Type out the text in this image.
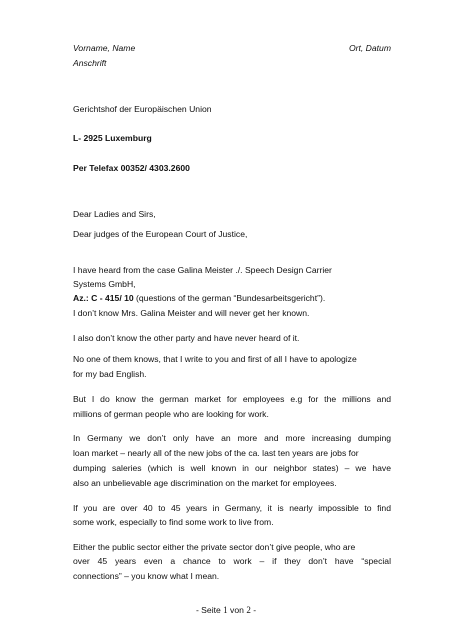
Vorname, Name	Ort, Datum
Anschrift
Gerichtshof der Europäischen Union
L- 2925 Luxemburg
Per Telefax 00352/ 4303.2600
Dear Ladies and Sirs,
Dear judges of the European Court of Justice,
I have heard from the case Galina Meister ./. Speech Design Carrier
Systems GmbH,
Az.: C - 415/ 10 (questions of the german “Bundesarbeitsgericht”).
I don’t know Mrs. Galina Meister and will never get her known.
I also don’t know the other party and have never heard of it.
No one of them knows, that I write to you and first of all I have to apologize
for my bad English.
But I do know the german market for employees e.g for the millions and
millions of german people who are looking for work.
In Germany we don’t only have an more and more increasing dumping
loan market – nearly all of the new jobs of the ca. last ten years are jobs for
dumping saleries (which is well known in our neighbor states) – we have
also an unbelievable age discrimination on the market for employees.
If you are over 40 to 45 years in Germany, it is nearly impossible to find
some work, especially to find some work to live from.
Either the public sector either the private sector don’t give people, who are
over 45 years even a chance to work – if they don’t have “special
connections” – you know what I mean.
- Seite 1 von 2 -
